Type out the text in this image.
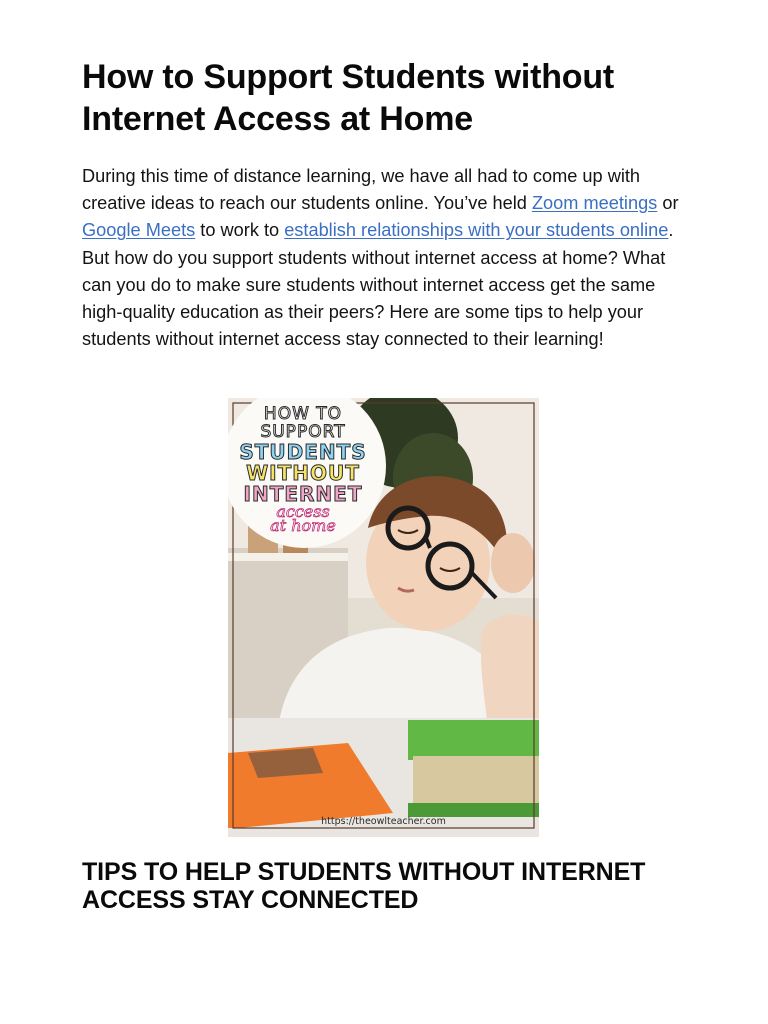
How to Support Students without Internet Access at Home

During this time of distance learning, we have all had to come up with creative ideas to reach our students online. You’ve held Zoom meetings or Google Meets to work to establish relationships with your students online. But how do you support students without internet access at home? What can you do to make sure students without internet access get the same high-quality education as their peers? Here are some tips to help your students without internet access stay connected to their learning!

HOW TO
SUPPORT
STUDENTS
WITHOUT
INTERNET
access
at home
https://theowlteacher.com
TIPS TO HELP STUDENTS WITHOUT INTERNET ACCESS STAY CONNECTED
